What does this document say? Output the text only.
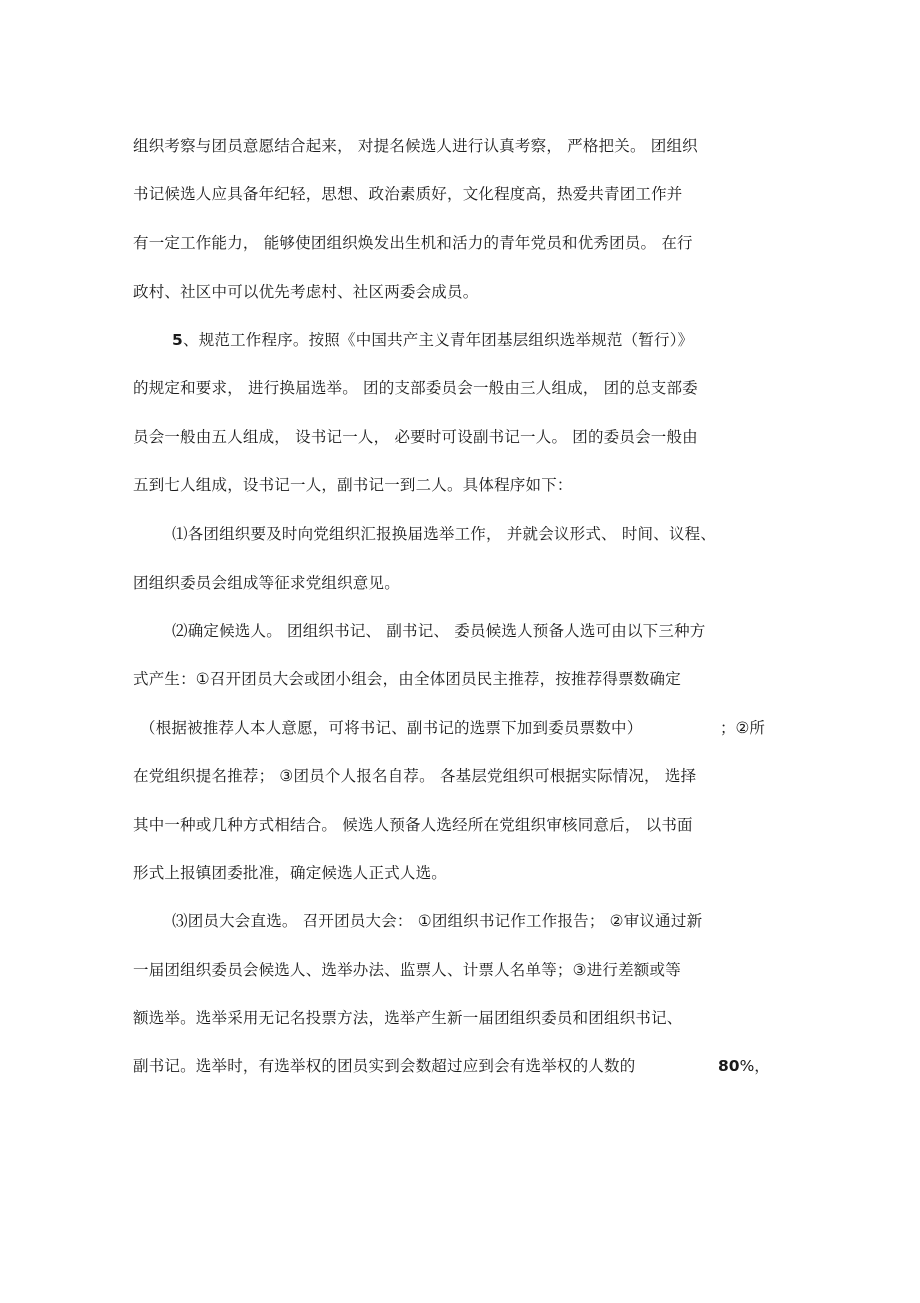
组织考察与团员意愿结合起来， 对提名候选人进行认真考察， 严格把关。 团组织
书记候选人应具备年纪轻，思想、政治素质好，文化程度高，热爱共青团工作并
有一定工作能力， 能够使团组织焕发出生机和活力的青年党员和优秀团员。 在行
政村、社区中可以优先考虑村、社区两委会成员。
5、规范工作程序。按照《中国共产主义青年团基层组织选举规范（暂行）》
的规定和要求， 进行换届选举。 团的支部委员会一般由三人组成， 团的总支部委
员会一般由五人组成， 设书记一人， 必要时可设副书记一人。 团的委员会一般由
五到七人组成，设书记一人，副书记一到二人。具体程序如下：
⑴各团组织要及时向党组织汇报换届选举工作， 并就会议形式、 时间、议程、
团组织委员会组成等征求党组织意见。
⑵确定候选人。 团组织书记、 副书记、 委员候选人预备人选可由以下三种方
式产生：①召开团员大会或团小组会，由全体团员民主推荐，按推荐得票数确定
（根据被推荐人本人意愿，可将书记、副书记的选票下加到委员票数中）	；②所
在党组织提名推荐； ③团员个人报名自荐。 各基层党组织可根据实际情况， 选择
其中一种或几种方式相结合。 候选人预备人选经所在党组织审核同意后， 以书面
形式上报镇团委批准，确定候选人正式人选。
⑶团员大会直选。 召开团员大会： ①团组织书记作工作报告； ②审议通过新
一届团组织委员会候选人、选举办法、监票人、计票人名单等；③进行差额或等
额选举。选举采用无记名投票方法，选举产生新一届团组织委员和团组织书记、
副书记。选举时，有选举权的团员实到会数超过应到会有选举权的人数的	80%，
